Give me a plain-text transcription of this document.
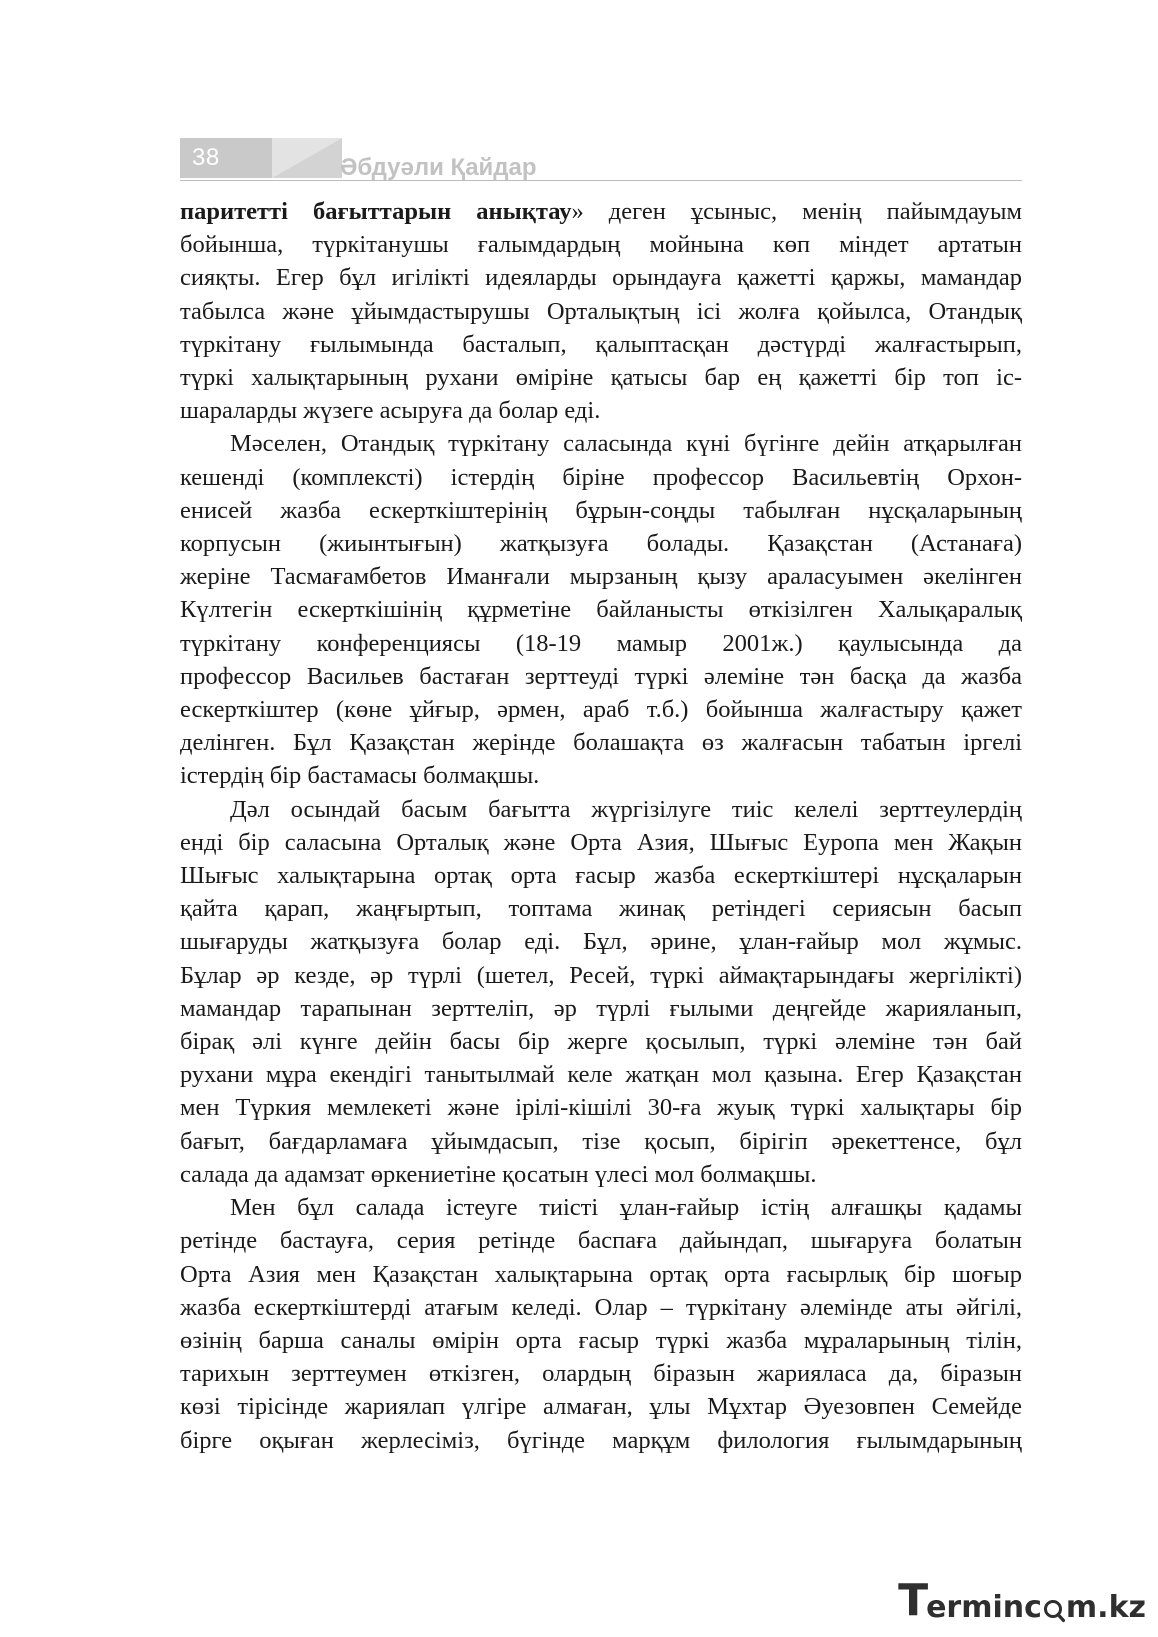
38	Әбдуәли Қайдар

паритетті бағыттарын анықтау» деген ұсыныс, менің пайымдауым

бойынша, түркітанушы ғалымдардың мойнына көп міндет артатын

сияқты. Егер бұл игілікті идеяларды орындауға қажетті қаржы, мамандар

табылса және ұйымдастырушы Орталықтың ісі жолға қойылса, Отандық

түркітану ғылымында басталып, қалыптасқан дәстүрді жалғастырып,

түркі халықтарының рухани өміріне қатысы бар ең қажетті бір топ іс-

шараларды жүзеге асыруға да болар еді.

Мәселен, Отандық түркітану саласында күні бүгінге дейін атқарылған

кешенді (комплексті) істердің біріне профессор Васильевтің Орхон-

енисей жазба ескерткіштерінің бұрын-соңды табылған нұсқаларының

корпусын (жиынтығын) жатқызуға болады. Қазақстан (Астанаға)

жеріне Тасмағамбетов Иманғали мырзаның қызу араласуымен әкелінген

Күлтегін ескерткішінің құрметіне байланысты өткізілген Халықаралық

түркітану конференциясы (18-19 мамыр 2001ж.) қаулысында да

профессор Васильев бастаған зерттеуді түркі әлеміне тән басқа да жазба

ескерткіштер (көне ұйғыр, әрмен, араб т.б.) бойынша жалғастыру қажет

делінген. Бұл Қазақстан жерінде болашақта өз жалғасын табатын іргелі

істердің бір бастамасы болмақшы.

Дәл осындай басым бағытта жүргізілуге тиіс келелі зерттеулердің

енді бір саласына Орталық және Орта Азия, Шығыс Еуропа мен Жақын

Шығыс халықтарына ортақ орта ғасыр жазба ескерткіштері нұсқаларын

қайта қарап, жаңғыртып, топтама жинақ ретіндегі сериясын басып

шығаруды жатқызуға болар еді. Бұл, әрине, ұлан-ғайыр мол жұмыс.

Бұлар әр кезде, әр түрлі (шетел, Ресей, түркі аймақтарындағы жергілікті)

мамандар тарапынан зерттеліп, әр түрлі ғылыми деңгейде жарияланып,

бірақ әлі күнге дейін басы бір жерге қосылып, түркі әлеміне тән бай

рухани мұра екендігі танытылмай келе жатқан мол қазына. Егер Қазақстан

мен Түркия мемлекеті және ірілі-кішілі 30-ға жуық түркі халықтары бір

бағыт, бағдарламаға ұйымдасып, тізе қосып, бірігіп әрекеттенсе, бұл

салада да адамзат өркениетіне қосатын үлесі мол болмақшы.

Мен бұл салада істеуге тиісті ұлан-ғайыр істің алғашқы қадамы

ретінде бастауға, серия ретінде баспаға дайындап, шығаруға болатын

Орта Азия мен Қазақстан халықтарына ортақ орта ғасырлық бір шоғыр

жазба ескерткіштерді атағым келеді. Олар – түркітану әлемінде аты әйгілі,

өзінің барша саналы өмірін орта ғасыр түркі жазба мұраларының тілін,

тарихын зерттеумен өткізген, олардың біразын жарияласа да, біразын

көзі тірісінде жариялап үлгіре алмаған, ұлы Мұхтар Әуезовпен Семейде

бірге оқыған жерлесіміз, бүгінде марқұм филология ғылымдарының

T
ermin c m.kz
